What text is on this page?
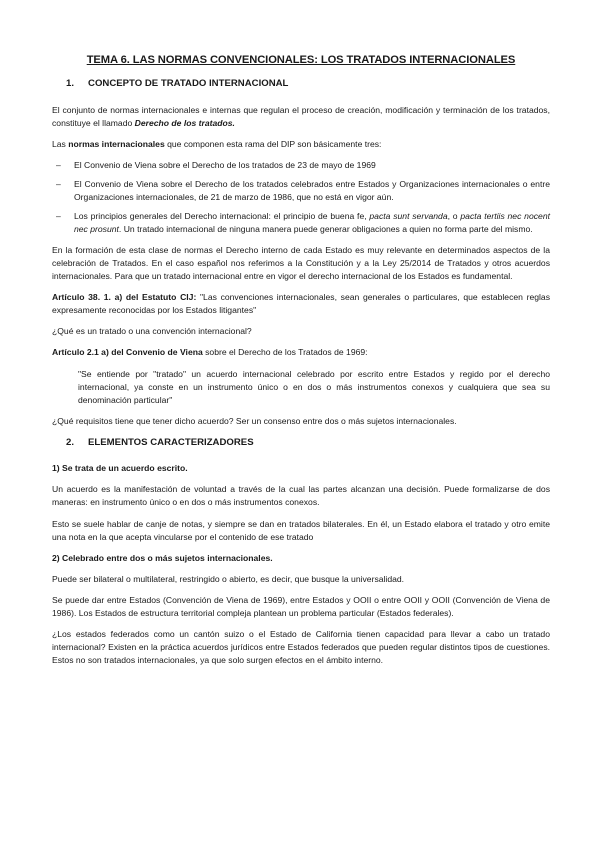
TEMA 6. LAS NORMAS CONVENCIONALES: LOS TRATADOS INTERNACIONALES
1. CONCEPTO DE TRATADO INTERNACIONAL

El conjunto de normas internacionales e internas que regulan el proceso de creación, modificación y terminación de los tratados, constituye el llamado Derecho de los tratados.

Las normas internacionales que componen esta rama del DIP son básicamente tres:

–	El Convenio de Viena sobre el Derecho de los tratados de 23 de mayo de 1969
–	El Convenio de Viena sobre el Derecho de los tratados celebrados entre Estados y Organizaciones internacionales o entre Organizaciones internacionales, de 21 de marzo de 1986, que no está en vigor aún.
–	Los principios generales del Derecho internacional: el principio de buena fe, pacta sunt servanda, o pacta tertiis nec nocent nec prosunt. Un tratado internacional de ninguna manera puede generar obligaciones a quien no forma parte del mismo.

En la formación de esta clase de normas el Derecho interno de cada Estado es muy relevante en determinados aspectos de la celebración de Tratados. En el caso español nos referimos a la Constitución y a la Ley 25/2014 de Tratados y otros acuerdos internacionales. Para que un tratado internacional entre en vigor el derecho internacional de los Estados es fundamental.

Artículo 38. 1. a) del Estatuto CIJ: "Las convenciones internacionales, sean generales o particulares, que establecen reglas expresamente reconocidas por los Estados litigantes"

¿Qué es un tratado o una convención internacional?

Artículo 2.1 a) del Convenio de Viena sobre el Derecho de los Tratados de 1969:

"Se entiende por "tratado" un acuerdo internacional celebrado por escrito entre Estados y regido por el derecho internacional, ya conste en un instrumento único o en dos o más instrumentos conexos y cualquiera que sea su denominación particular"

¿Qué requisitos tiene que tener dicho acuerdo? Ser un consenso entre dos o más sujetos internacionales.

2. ELEMENTOS CARACTERIZADORES

1) Se trata de un acuerdo escrito.

Un acuerdo es la manifestación de voluntad a través de la cual las partes alcanzan una decisión. Puede formalizarse de dos maneras: en instrumento único o en dos o más instrumentos conexos.

Esto se suele hablar de canje de notas, y siempre se dan en tratados bilaterales. En él, un Estado elabora el tratado y otro emite una nota en la que acepta vincularse por el contenido de ese tratado

2) Celebrado entre dos o más sujetos internacionales.

Puede ser bilateral o multilateral, restringido o abierto, es decir, que busque la universalidad.

Se puede dar entre Estados (Convención de Viena de 1969), entre Estados y OOII o entre OOII y OOII (Convención de Viena de 1986). Los Estados de estructura territorial compleja plantean un problema particular (Estados federales).

¿Los estados federados como un cantón suizo o el Estado de California tienen capacidad para llevar a cabo un tratado internacional? Existen en la práctica acuerdos jurídicos entre Estados federados que pueden regular distintos tipos de cuestiones. Estos no son tratados internacionales, ya que solo surgen efectos en el ámbito interno.
